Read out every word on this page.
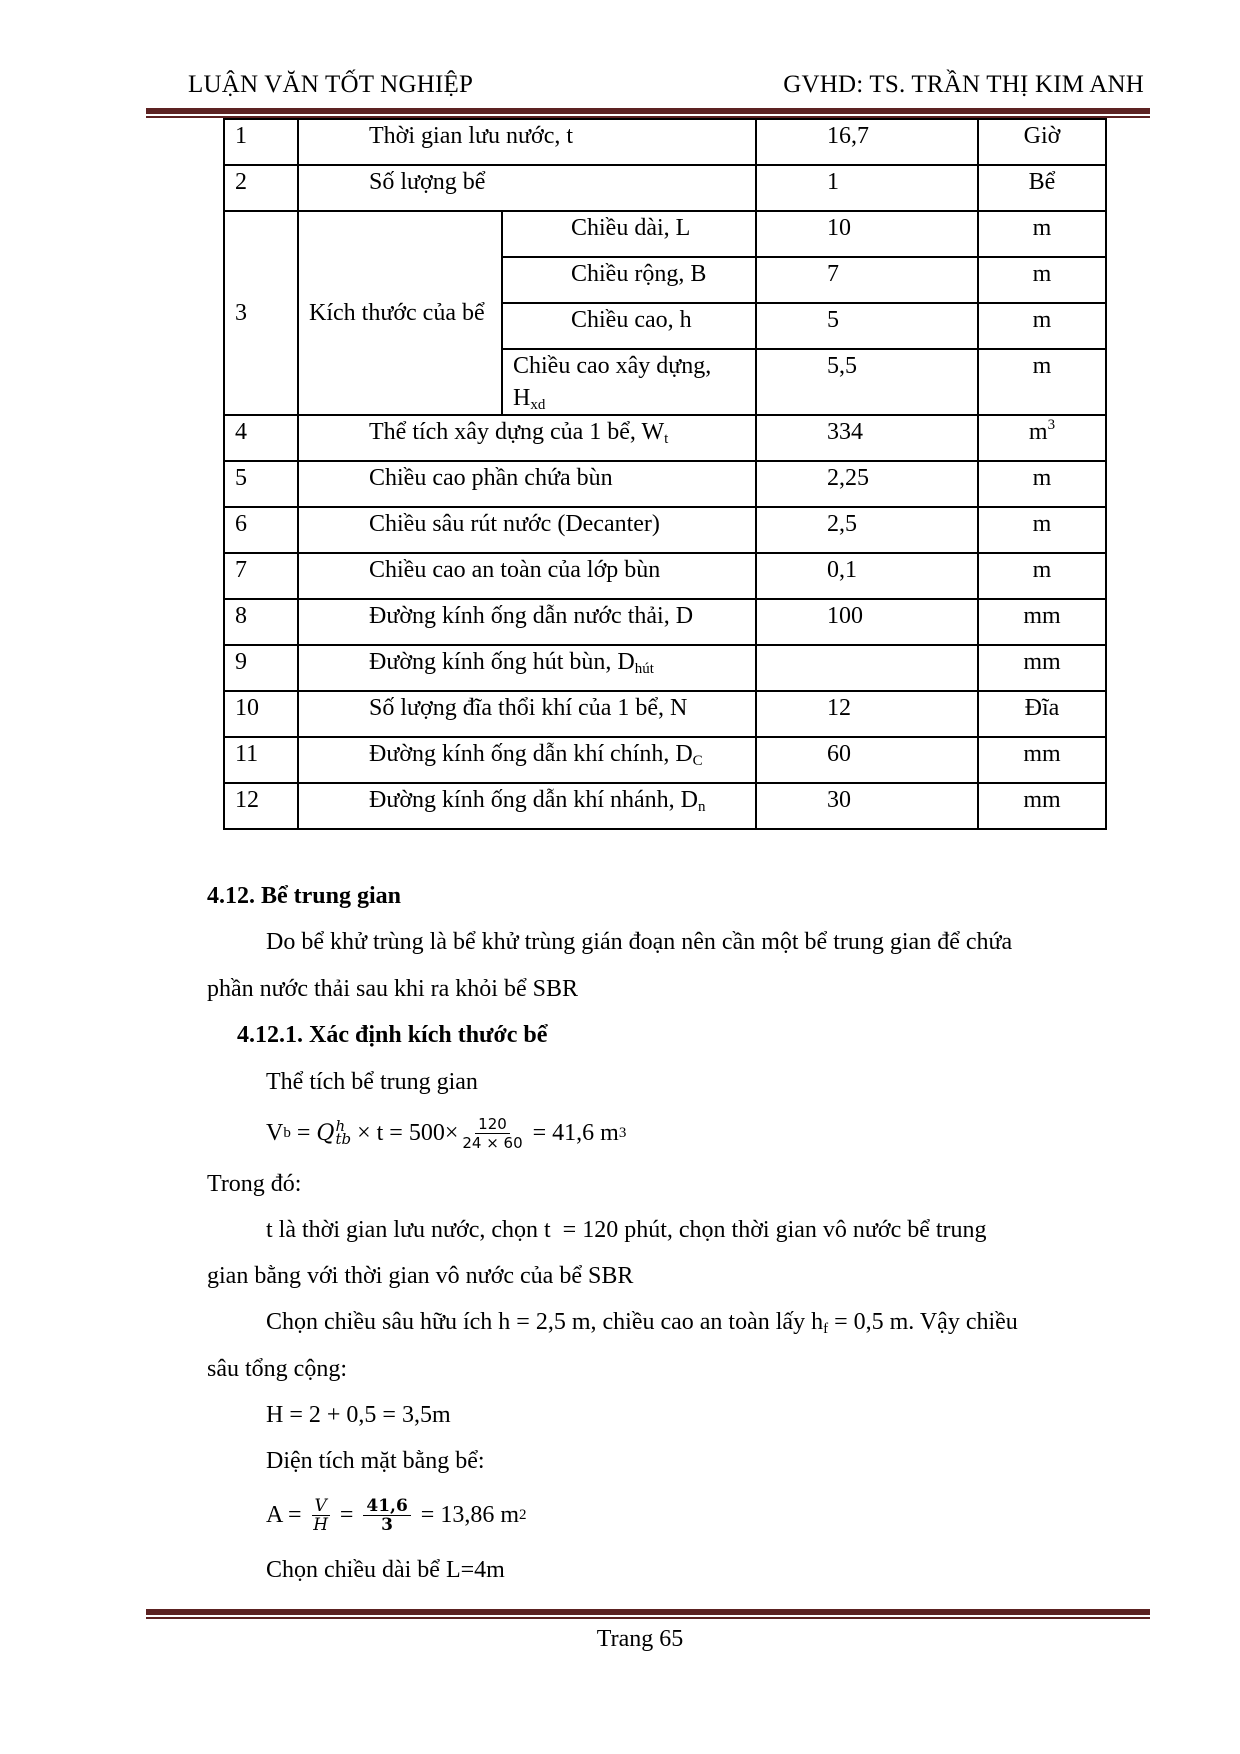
LUẬN VĂN TỐT NGHIỆP	GVHD: TS. TRẦN THỊ KIM ANH
1	Thời gian lưu nước, t		16,7	Giờ
2	Số lượng bể		1	Bể
3	Kích thước của bể	Chiều dài, L	10	m
		Chiều rộng, B	7	m
		Chiều cao, h	5	m
		Chiều cao xây dựng, $H_{xd}$	5,5	m
4	Thể tích xây dựng của 1 bể, $W_t$		334	$m^3$
5	Chiều cao phần chứa bùn		2,25	m
6	Chiều sâu rút nước (Decanter)		2,5	m
7	Chiều cao an toàn của lớp bùn		0,1	m
8	Đường kính ống dẫn nước thải, D		100	mm
9	Đường kính ống hút bùn, $D_{hút}$			mm
10	Số lượng đĩa thổi khí của 1 bể, N		12	Đĩa
11	Đường kính ống dẫn khí chính, $D_C$		60	mm
12	Đường kính ống dẫn khí nhánh, $D_n$		30	mm
4.12. Bể trung gian
Do bể khử trùng là bể khử trùng gián đoạn nên cần một bể trung gian để chứa
phần nước thải sau khi ra khỏi bể SBR
4.12.1. Xác định kích thước bể
Thể tích bể trung gian
V b = Q h
tb × $t = 500\times \frac{120}{24 \times 60} = 41,6$ m 3
Trong đó:
t là thời gian lưu nước, chọn t  = 120 phút, chọn thời gian vô nước bể trung
gian bằng với thời gian vô nước của bể SBR
Chọn chiều sâu hữu ích h = 2,5 m, chiều cao an toàn lấy $h_f = 0,5$ m. Vậy chiều
sâu tổng cộng:
H = 2 + 0,5 = 3,5m
Diện tích mặt bằng bể:
$A = \frac{V}{H} = \frac{41,6}{3} = 13,86$ m 2
Chọn chiều dài bể L=4m
Trang 65
